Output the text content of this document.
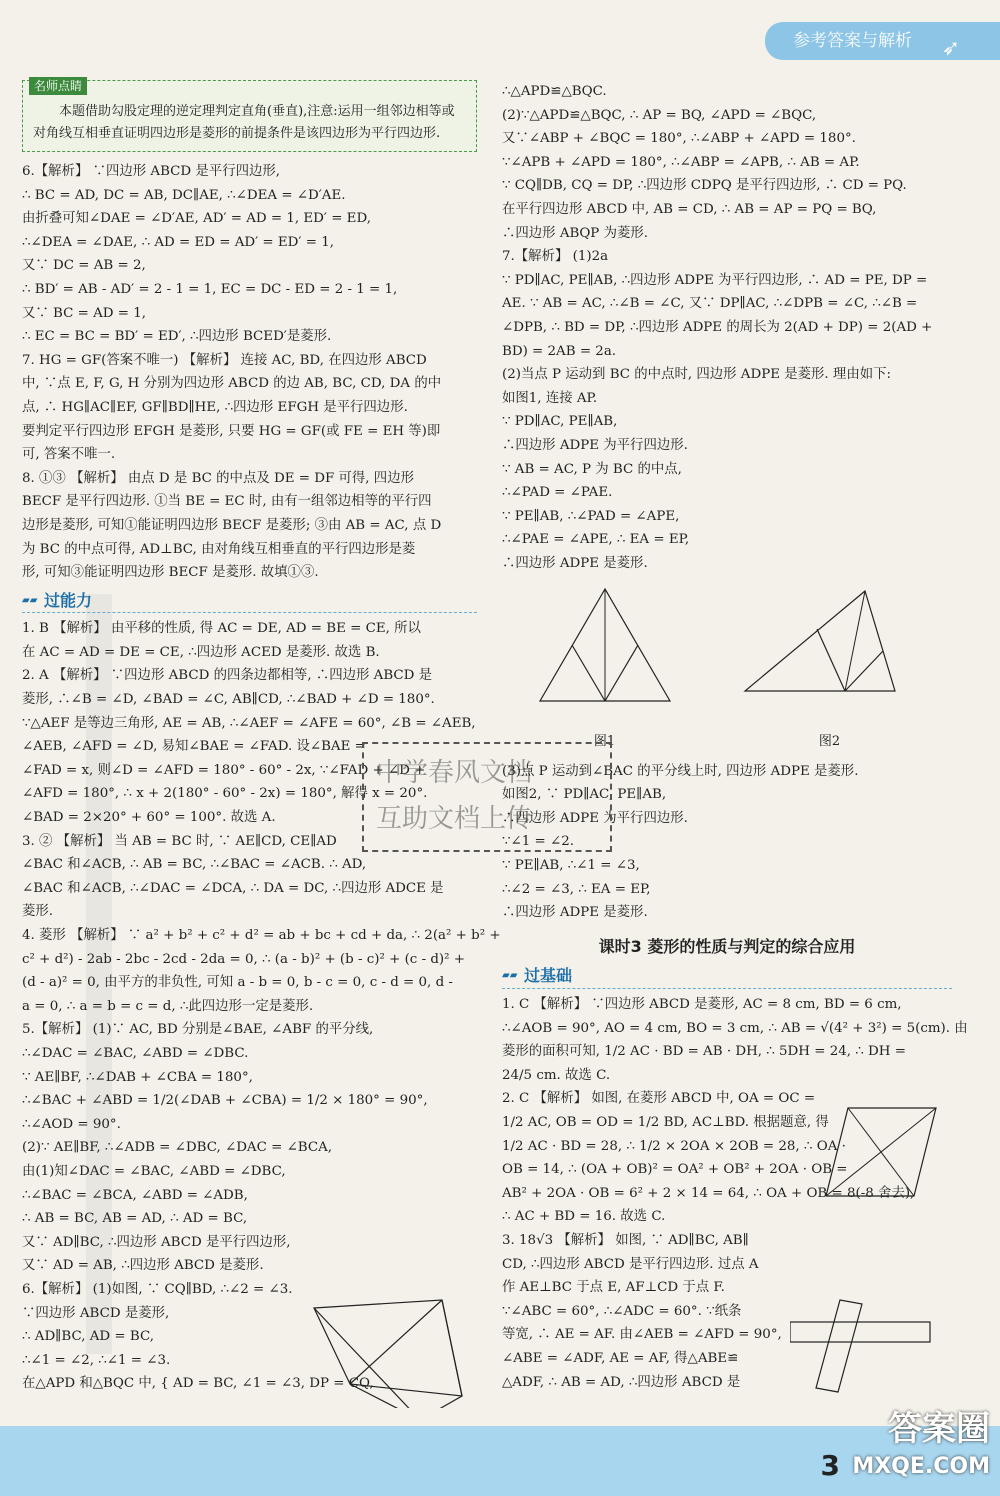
参考答案与解析 ➶
名师点睛
本题借助勾股定理的逆定理判定直角(垂直),注意:运用一组邻边相等或对角线互相垂直证明四边形是菱形的前提条件是该四边形为平行四边形.
6.【解析】 ∵四边形 ABCD 是平行四边形,
∴ BC = AD, DC = AB, DC∥AE, ∴∠DEA = ∠D′AE.
由折叠可知∠DAE = ∠D′AE, AD′ = AD = 1, ED′ = ED,
∴∠DEA = ∠DAE, ∴ AD = ED = AD′ = ED′ = 1,
又∵ DC = AB = 2,
∴ BD′ = AB - AD′ = 2 - 1 = 1, EC = DC - ED = 2 - 1 = 1,
又∵ BC = AD = 1,
∴ EC = BC = BD′ = ED′, ∴四边形 BCED′是菱形.
7. HG = GF(答案不唯一) 【解析】 连接 AC, BD, 在四边形 ABCD
中, ∵点 E, F, G, H 分别为四边形 ABCD 的边 AB, BC, CD, DA 的中
点, ∴ HG∥AC∥EF, GF∥BD∥HE, ∴四边形 EFGH 是平行四边形.
要判定平行四边形 EFGH 是菱形, 只要 HG = GF(或 FE = EH 等)即
可, 答案不唯一.
8. ①③ 【解析】 由点 D 是 BC 的中点及 DE = DF 可得, 四边形
BECF 是平行四边形. ①当 BE = EC 时, 由有一组邻边相等的平行四
边形是菱形, 可知①能证明四边形 BECF 是菱形; ③由 AB = AC, 点 D
为 BC 的中点可得, AD⊥BC, 由对角线互相垂直的平行四边形是菱
形, 可知③能证明四边形 BECF 是菱形. 故填①③.
▰▰ 过能力
1. B 【解析】 由平移的性质, 得 AC = DE, AD = BE = CE, 所以
在 AC = AD = DE = CE, ∴四边形 ACED 是菱形. 故选 B.
2. A 【解析】 ∵四边形 ABCD 的四条边都相等, ∴四边形 ABCD 是
菱形, ∴∠B = ∠D, ∠BAD = ∠C, AB∥CD, ∴∠BAD + ∠D = 180°.
∵△AEF 是等边三角形, AE = AB, ∴∠AEF = ∠AFE = 60°, ∠B = ∠AEB,
∠AEB, ∠AFD = ∠D, 易知∠BAE = ∠FAD. 设∠BAE =
∠FAD = x, 则∠D = ∠AFD = 180° - 60° - 2x, ∵∠FAD + ∠D +
∠AFD = 180°, ∴ x + 2(180° - 60° - 2x) = 180°, 解得 x = 20°.
∠BAD = 2×20° + 60° = 100°. 故选 A.
3. ② 【解析】 当 AB = BC 时, ∵ AE∥CD, CE∥AD
∠BAC 和∠ACB, ∴ AB = BC, ∴∠BAC = ∠ACB. ∴ AD,
∠BAC 和∠ACB, ∴∠DAC = ∠DCA, ∴ DA = DC, ∴四边形 ADCE 是
菱形.
4. 菱形 【解析】 ∵ a² + b² + c² + d² = ab + bc + cd + da, ∴ 2(a² + b² +
c² + d²) - 2ab - 2bc - 2cd - 2da = 0, ∴ (a - b)² + (b - c)² + (c - d)² +
(d - a)² = 0, 由平方的非负性, 可知 a - b = 0, b - c = 0, c - d = 0, d -
a = 0, ∴ a = b = c = d, ∴此四边形一定是菱形.
5.【解析】 (1)∵ AC, BD 分别是∠BAE, ∠ABF 的平分线,
∴∠DAC = ∠BAC, ∠ABD = ∠DBC.
∵ AE∥BF, ∴∠DAB + ∠CBA = 180°,
∴∠BAC + ∠ABD = 1/2(∠DAB + ∠CBA) = 1/2 × 180° = 90°,
∴∠AOD = 90°.
(2)∵ AE∥BF, ∴∠ADB = ∠DBC, ∠DAC = ∠BCA,
由(1)知∠DAC = ∠BAC, ∠ABD = ∠DBC,
∴∠BAC = ∠BCA, ∠ABD = ∠ADB,
∴ AB = BC, AB = AD, ∴ AD = BC,
又∵ AD∥BC, ∴四边形 ABCD 是平行四边形,
又∵ AD = AB, ∴四边形 ABCD 是菱形.
6.【解析】 (1)如图, ∵ CQ∥BD, ∴∠2 = ∠3.
∵四边形 ABCD 是菱形,
∴ AD∥BC, AD = BC,
∴∠1 = ∠2, ∴∠1 = ∠3.
在△APD 和△BQC 中, { AD = BC, ∠1 = ∠3, DP = CQ,
∴△APD≌△BQC.
(2)∵△APD≌△BQC, ∴ AP = BQ, ∠APD = ∠BQC,
又∵∠ABP + ∠BQC = 180°, ∴∠ABP + ∠APD = 180°.
∵∠APB + ∠APD = 180°, ∴∠ABP = ∠APB, ∴ AB = AP.
∵ CQ∥DB, CQ = DP, ∴四边形 CDPQ 是平行四边形, ∴ CD = PQ.
在平行四边形 ABCD 中, AB = CD, ∴ AB = AP = PQ = BQ,
∴四边形 ABQP 为菱形.
7.【解析】 (1)2a
∵ PD∥AC, PE∥AB, ∴四边形 ADPE 为平行四边形, ∴ AD = PE, DP =
AE. ∵ AB = AC, ∴∠B = ∠C, 又∵ DP∥AC, ∴∠DPB = ∠C, ∴∠B =
∠DPB, ∴ BD = DP, ∴四边形 ADPE 的周长为 2(AD + DP) = 2(AD +
BD) = 2AB = 2a.
(2)当点 P 运动到 BC 的中点时, 四边形 ADPE 是菱形. 理由如下:
如图1, 连接 AP.
∵ PD∥AC, PE∥AB,
∴四边形 ADPE 为平行四边形.
∵ AB = AC, P 为 BC 的中点,
∴∠PAD = ∠PAE.
∵ PE∥AB, ∴∠PAD = ∠APE,
∴∠PAE = ∠APE, ∴ EA = EP,
∴四边形 ADPE 是菱形.
图1	图2
(3)点 P 运动到∠BAC 的平分线上时, 四边形 ADPE 是菱形.
如图2, ∵ PD∥AC, PE∥AB,
∴四边形 ADPE 为平行四边形.
∵∠1 = ∠2.
∵ PE∥AB, ∴∠1 = ∠3,
∴∠2 = ∠3, ∴ EA = EP,
∴四边形 ADPE 是菱形.
课时3 菱形的性质与判定的综合应用
▰▰ 过基础
1. C 【解析】 ∵四边形 ABCD 是菱形, AC = 8 cm, BD = 6 cm,
∴∠AOB = 90°, AO = 4 cm, BO = 3 cm, ∴ AB = √(4² + 3²) = 5(cm). 由
菱形的面积可知, 1/2 AC · BD = AB · DH, ∴ 5DH = 24, ∴ DH =
24/5 cm. 故选 C.
2. C 【解析】 如图, 在菱形 ABCD 中, OA = OC =
1/2 AC, OB = OD = 1/2 BD, AC⊥BD. 根据题意, 得
1/2 AC · BD = 28, ∴ 1/2 × 2OA × 2OB = 28, ∴ OA ·
OB = 14, ∴ (OA + OB)² = OA² + OB² + 2OA · OB =
AB² + 2OA · OB = 6² + 2 × 14 = 64, ∴ OA + OB = 8(-8 舍去),
∴ AC + BD = 16. 故选 C.
3. 18√3 【解析】 如图, ∵ AD∥BC, AB∥
CD, ∴四边形 ABCD 是平行四边形. 过点 A
作 AE⊥BC 于点 E, AF⊥CD 于点 F.
∵∠ABC = 60°, ∴∠ADC = 60°. ∵纸条
等宽, ∴ AE = AF. 由∠AEB = ∠AFD = 90°,
∠ABE = ∠ADF, AE = AF, 得△ABE≌
△ADF, ∴ AB = AD, ∴四边形 ABCD 是
中学春风文档
互助文档上传
3
答案圈
MXQE.COM
